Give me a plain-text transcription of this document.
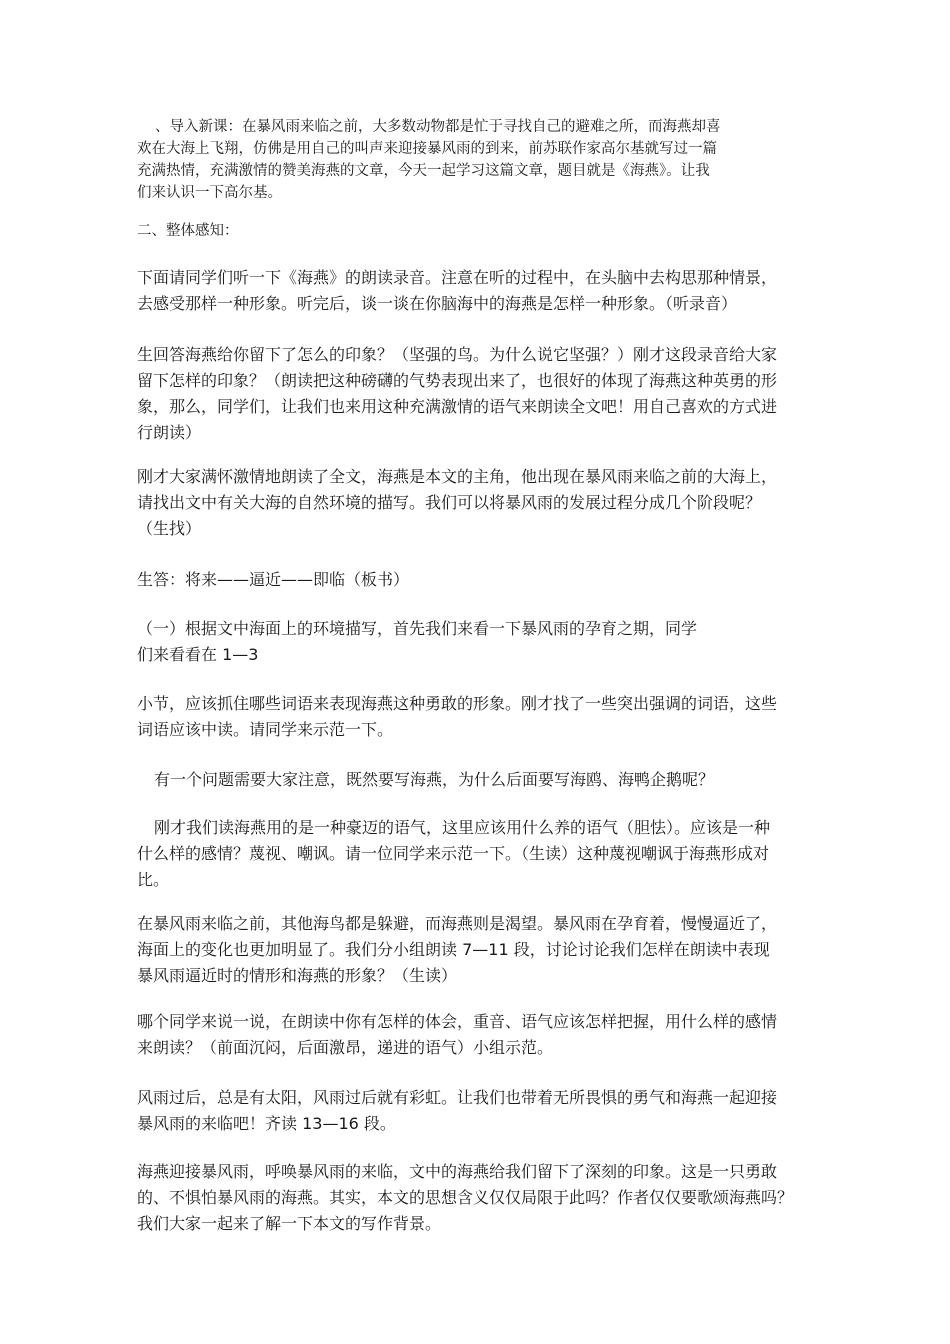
、导入新课：在暴风雨来临之前，大多数动物都是忙于寻找自己的避难之所，而海燕却喜
欢在大海上飞翔，仿佛是用自己的叫声来迎接暴风雨的到来，前苏联作家高尔基就写过一篇
充满热情，充满激情的赞美海燕的文章，今天一起学习这篇文章，题目就是《海燕》。让我
们来认识一下高尔基。

二、整体感知：

下面请同学们听一下《海燕》的朗读录音。注意在听的过程中，在头脑中去构思那种情景，
去感受那样一种形象。听完后，谈一谈在你脑海中的海燕是怎样一种形象。（听录音）

生回答海燕给你留下了怎么的印象？（坚强的鸟。为什么说它坚强？）刚才这段录音给大家
留下怎样的印象？（朗读把这种磅礴的气势表现出来了，也很好的体现了海燕这种英勇的形
象，那么，同学们，让我们也来用这种充满激情的语气来朗读全文吧！用自己喜欢的方式进
行朗读）

刚才大家满怀激情地朗读了全文，海燕是本文的主角，他出现在暴风雨来临之前的大海上，
请找出文中有关大海的自然环境的描写。我们可以将暴风雨的发展过程分成几个阶段呢？
（生找）

生答：将来——逼近——即临（板书）

（一）根据文中海面上的环境描写，首先我们来看一下暴风雨的孕育之期，同学
们来看看在 1—3

小节，应该抓住哪些词语来表现海燕这种勇敢的形象。刚才找了一些突出强调的词语，这些
词语应该中读。请同学来示范一下。

有一个问题需要大家注意，既然要写海燕，为什么后面要写海鸥、海鸭企鹅呢？

刚才我们读海燕用的是一种豪迈的语气，这里应该用什么养的语气（胆怯）。应该是一种
什么样的感情？蔑视、嘲讽。请一位同学来示范一下。（生读）这种蔑视嘲讽于海燕形成对
比。

在暴风雨来临之前，其他海鸟都是躲避，而海燕则是渴望。暴风雨在孕育着，慢慢逼近了，
海面上的变化也更加明显了。我们分小组朗读 7—11 段，讨论讨论我们怎样在朗读中表现
暴风雨逼近时的情形和海燕的形象？（生读）

哪个同学来说一说，在朗读中你有怎样的体会，重音、语气应该怎样把握，用什么样的感情
来朗读？（前面沉闷，后面激昂，递进的语气）小组示范。

风雨过后，总是有太阳，风雨过后就有彩虹。让我们也带着无所畏惧的勇气和海燕一起迎接
暴风雨的来临吧！齐读 13—16 段。

海燕迎接暴风雨，呼唤暴风雨的来临，文中的海燕给我们留下了深刻的印象。这是一只勇敢
的、不惧怕暴风雨的海燕。其实，本文的思想含义仅仅局限于此吗？作者仅仅要歌颂海燕吗？
我们大家一起来了解一下本文的写作背景。
